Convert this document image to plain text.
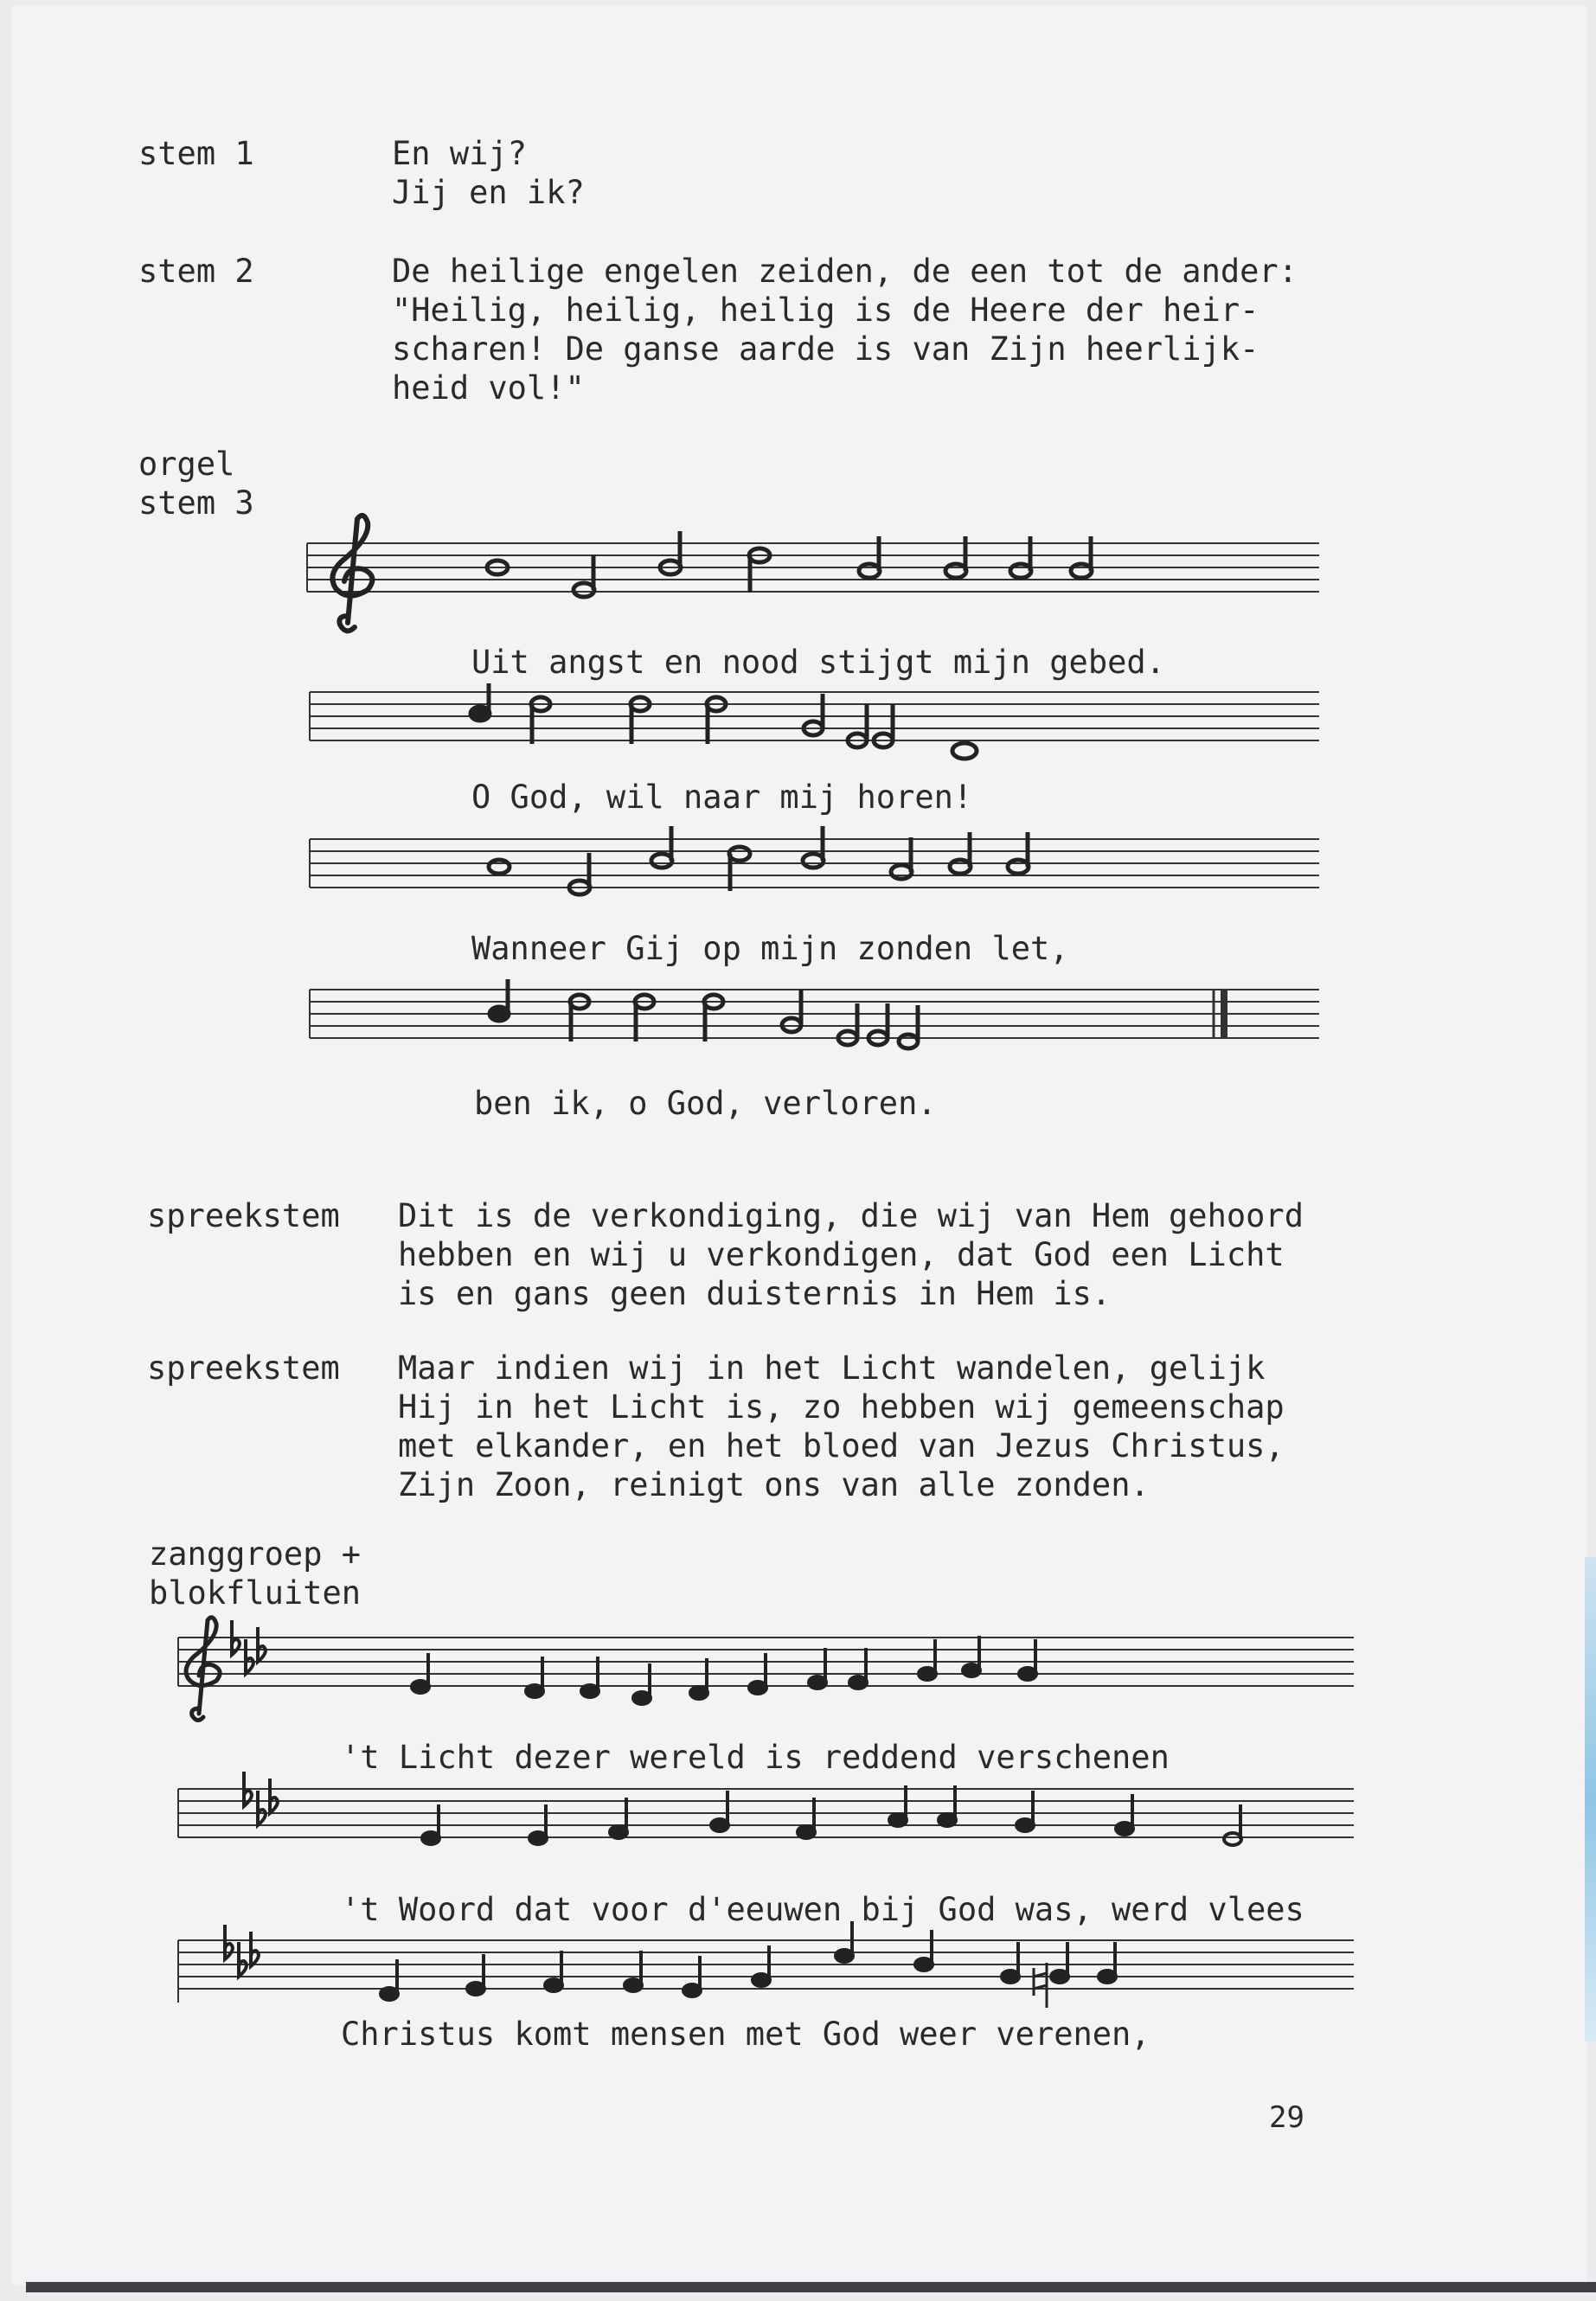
stem 1	En wij?
Jij en ik?
stem 2	De heilige engelen zeiden, de een tot de ander:
"Heilig, heilig, heilig is de Heere der heir-
scharen! De ganse aarde is van Zijn heerlijk-
heid vol!"
orgel
stem 3
Uit angst en nood stijgt mijn gebed.
O God, wil naar mij horen!
Wanneer Gij op mijn zonden let,
ben ik, o God, verloren.
spreekstem Dit is de verkondiging, die wij van Hem gehoord
hebben en wij u verkondigen, dat God een Licht
is en gans geen duisternis in Hem is.
spreekstem Maar indien wij in het Licht wandelen, gelijk
Hij in het Licht is, zo hebben wij gemeenschap
met elkander, en het bloed van Jezus Christus,
Zijn Zoon, reinigt ons van alle zonden.
zanggroep +
blokfluiten
't Licht dezer wereld is reddend verschenen
't Woord dat voor d'eeuwen bij God was, werd vlees
Christus komt mensen met God weer verenen,
29
